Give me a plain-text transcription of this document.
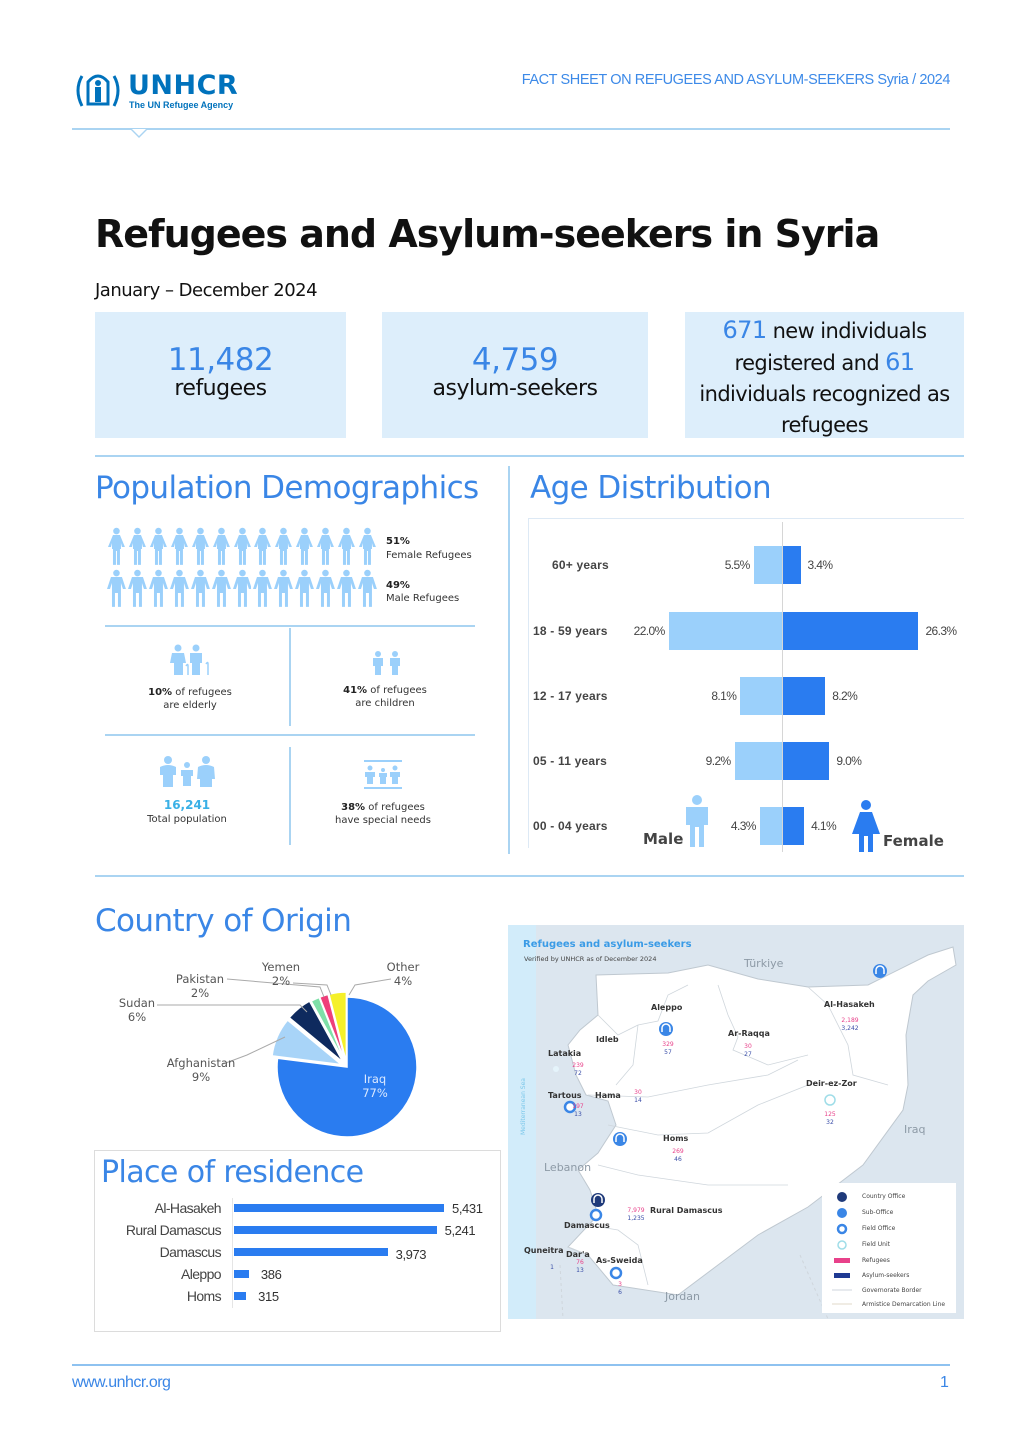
UNHCR
The UN Refugee Agency
FACT SHEET ON REFUGEES AND ASYLUM-SEEKERS Syria / 2024
Refugees and Asylum-seekers in Syria
January – December 2024
11,482
refugees
4,759
asylum-seekers
671 new individuals
registered and 61
individuals recognized as
refugees
Population Demographics
51%
Female Refugees
49%
Male Refugees
10% of refugees
are elderly
41% of refugees
are children
16,241
Total population
38% of refugees
have special needs
Age Distribution
60+ years	5.5%	3.4%
18 - 59 years	22.0%	26.3%
12 - 17 years	8.1%	8.2%
05 - 11 years	9.2%	9.0%
00 - 04 years	4.3%	4.1%
Male	Female
Country of Origin
Iraq
77%
Afghanistan
9%
Sudan
6%
Pakistan
2%
Yemen
2%
Other
4%
Place of residence
Al-Hasakeh	5,431
Rural Damascus	5,241
Damascus	3,973
Aleppo	386
Homs	315
Refugees and asylum-seekers
Verified by UNHCR as of December 2024	Türkiye
Iraq
Lebanon
Jordan
Mediterranean Sea
Aleppo
329
57
Al-Hasakeh
2,189
3,242
Ar-Raqqa
30
27
Idleb
Latakia
239
72
Tartous
197
13
Hama	30
14
Deir-ez-Zor
125
32
Homs
269
46
Rural Damascus
7,979
1,235
Damascus
Quneitra
1
Dar'a
76
13
As-Sweida
3
6
Country Office
Sub-Office
Field Office
Field Unit
Refugees
Asylum-seekers
Governorate Border
Armistice Demarcation Line
www.unhcr.org	1
